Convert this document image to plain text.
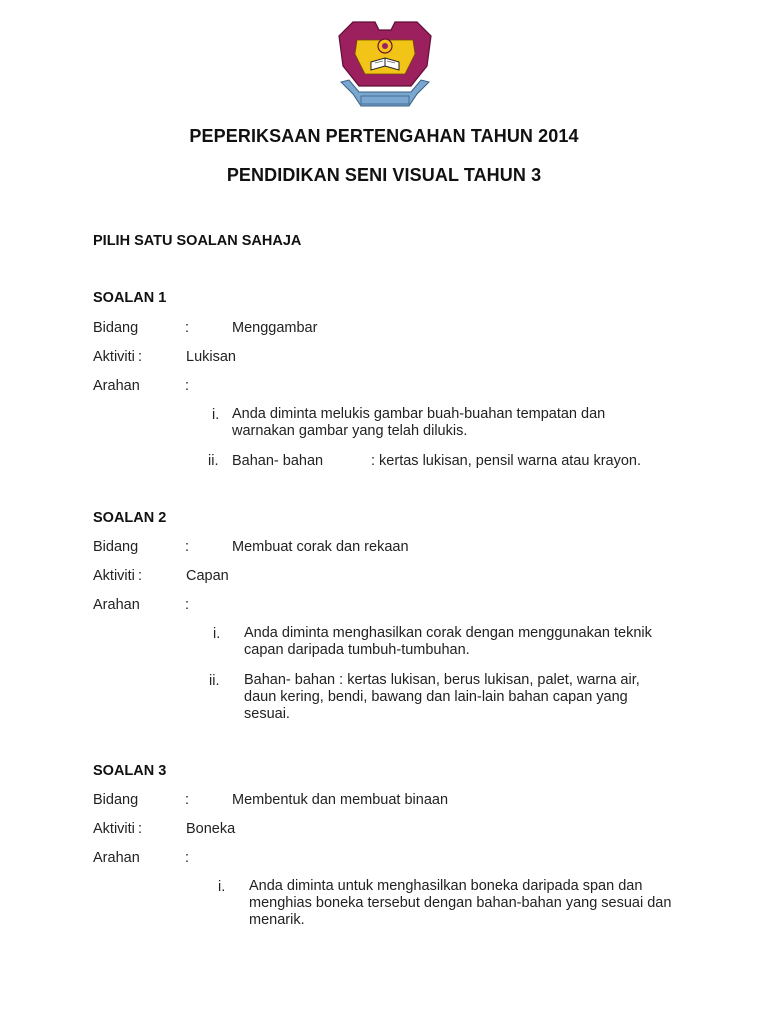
PEPERIKSAAN PERTENGAHAN TAHUN 2014
PENDIDIKAN SENI VISUAL TAHUN 3
PILIH SATU SOALAN SAHAJA
SOALAN 1
Bidang	:	Menggambar
Aktiviti :	Lukisan
Arahan	:
i. Anda diminta melukis gambar buah-buahan tempatan dan warnakan gambar yang telah dilukis.
ii. Bahan- bahan	: kertas lukisan, pensil warna atau krayon.
SOALAN 2
Bidang	:	Membuat corak dan rekaan
Aktiviti :	Capan
Arahan	:
i. Anda diminta menghasilkan corak dengan menggunakan teknik capan daripada tumbuh-tumbuhan.
ii. Bahan- bahan : kertas lukisan, berus lukisan, palet, warna air, daun kering, bendi, bawang dan lain-lain bahan capan yang sesuai.
SOALAN 3
Bidang	:	Membentuk dan membuat binaan
Aktiviti :	Boneka
Arahan	:
i. Anda diminta untuk menghasilkan boneka daripada span dan menghias boneka tersebut dengan bahan-bahan yang sesuai dan menarik.
